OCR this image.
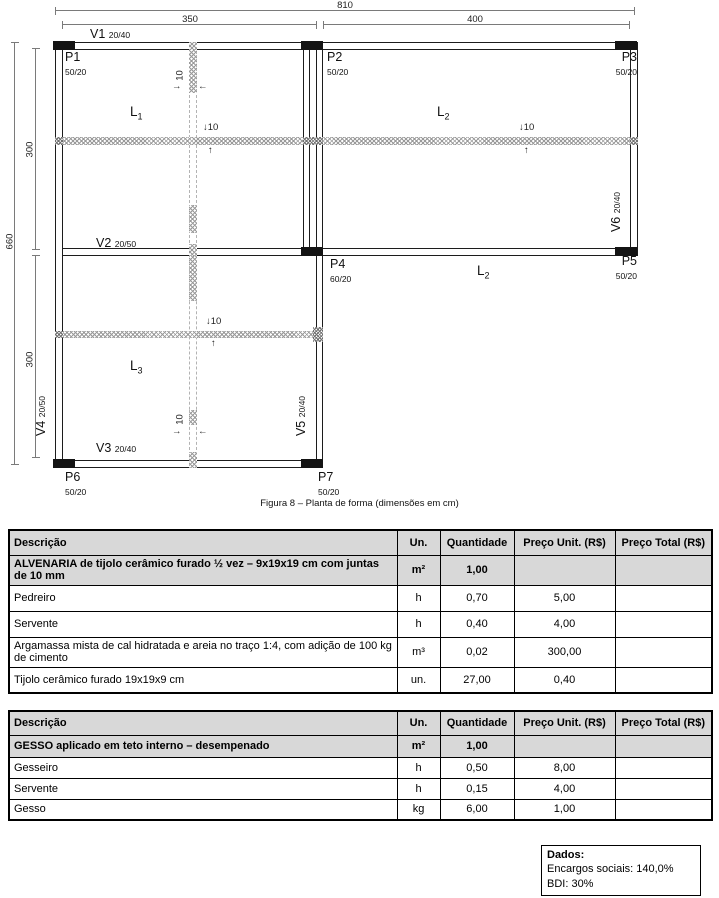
810
350	400
660
300
300
V1 20/40
V2 20/50
V3 20/40
V4 20/50
V5 20/40
V6 20/40
P1
50/20
P2
50/20
P3
50/20
P4
60/20
P5
50/20
P6
50/20
P7
50/20
$L_1$	$L_2$
$L_2$
$L_3$
↓10
↑
↓10
↑
↓10
↑
10
→ ←
10
→ ←
Figura 8 – Planta de forma (dimensões em cm)
Descrição	Un.	Quantidade	Preço Unit. (R$)	Preço Total (R$)
ALVENARIA de tijolo cerâmico furado ½ vez – 9x19x19 cm com juntas de 10 mm	m²	1,00		
Pedreiro	h	0,70	5,00	
Servente	h	0,40	4,00	
Argamassa mista de cal hidratada e areia no traço 1:4, com adição de 100 kg de cimento	m³	0,02	300,00	
Tijolo cerâmico furado 19x19x9 cm	un.	27,00	0,40	
Descrição	Un.	Quantidade	Preço Unit. (R$)	Preço Total (R$)
GESSO aplicado em teto interno – desempenado	m²	1,00		
Gesseiro	h	0,50	8,00	
Servente	h	0,15	4,00	
Gesso	kg	6,00	1,00	
Dados:
Encargos sociais: 140,0%
BDI: 30%
